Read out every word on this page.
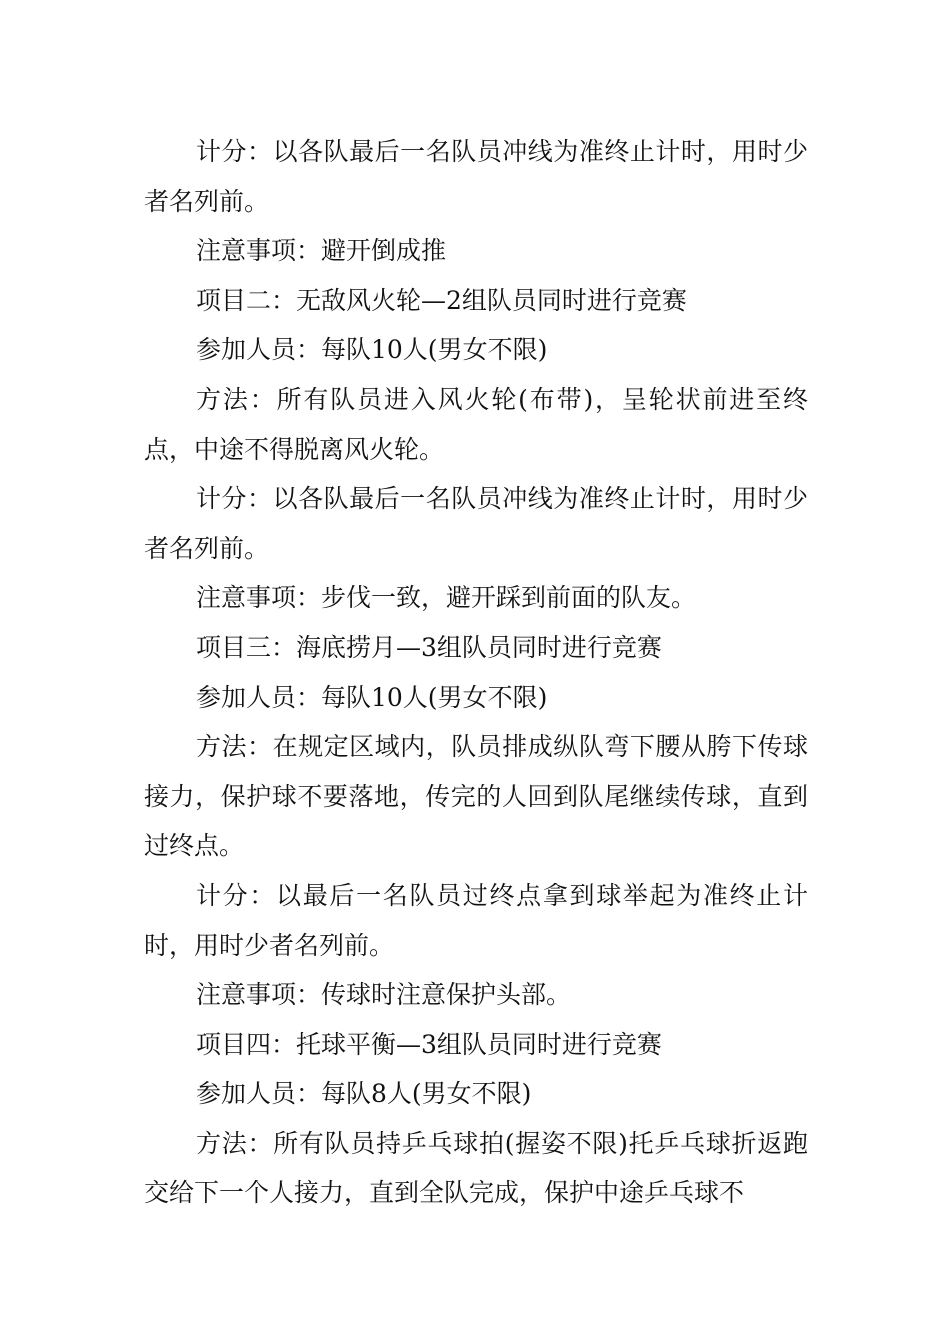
计分：以各队最后一名队员冲线为准终止计时，用时少者名列前。

注意事项：避开倒成推

项目二：无敌风火轮—2组队员同时进行竞赛

参加人员：每队10人(男女不限)

方法：所有队员进入风火轮(布带)，呈轮状前进至终点，中途不得脱离风火轮。

计分：以各队最后一名队员冲线为准终止计时，用时少者名列前。

注意事项：步伐一致，避开踩到前面的队友。

项目三：海底捞月—3组队员同时进行竞赛

参加人员：每队10人(男女不限)

方法：在规定区域内，队员排成纵队弯下腰从胯下传球接力，保护球不要落地，传完的人回到队尾继续传球，直到过终点。

计分：以最后一名队员过终点拿到球举起为准终止计时，用时少者名列前。

注意事项：传球时注意保护头部。

项目四：托球平衡—3组队员同时进行竞赛

参加人员：每队8人(男女不限)

方法：所有队员持乒乓球拍(握姿不限)托乒乓球折返跑交给下一个人接力，直到全队完成，保护中途乒乓球不
